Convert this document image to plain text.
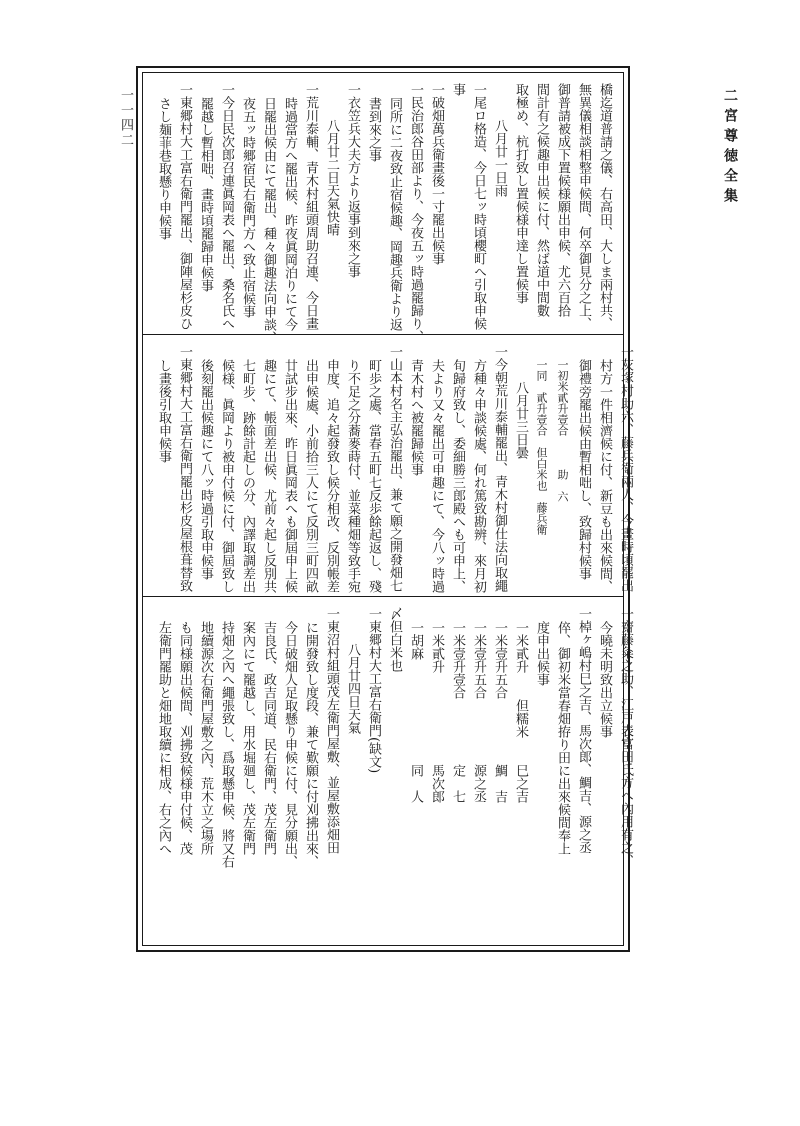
二宮尊徳全集
一一四二	橋迄道普請之儀、右高田、大しま兩村共、
無異儀相談相整申候間、何卒御見分之上、
御普請被成下置候様願出申候、尤六百拾
間計有之候趣申出候に付、然ば道中間數
取極め、杭打致し置候様申達し置候事
八月廿一日雨
一尾ロ格造、今日七ッ時頃櫻町へ引取申候
事
一破畑萬兵衛畫後一寸罷出候事
一民治郎谷田部より、今夜五ッ時過罷歸り、
同所に二夜致止宿候趣、岡趣兵衛より返
書到來之事
一衣笠兵大夫方より返事到來之事
八月廿二日天氣快晴
一荒川泰輔、青木村組頭周助召連、今日畫
時過當方へ罷出候、昨夜眞岡泊りにて今
日罷出候由にて罷出、種々御趣法向申談、
夜五ッ時郷宿民右衛門方へ致止宿候事
一今日民次郎召連眞岡表へ罷出、桑名氏へ
罷越し暫相咄、畫時頃罷歸申候事
一東郷村大工富右衛門罷出、御陣屋杉皮ひ
さし麺菲巷取懸り申候事
一灰塚村助六、藤兵衛兩人、今畫時頃罷出
村方一件相濟候に付、新豆も出來候間、
御禮旁罷出候由暫相咄し、致歸村候事
一初米貳升壹合　　　助　六
一同　貳升壹合　但白米也　藤兵衛
八月廿三日曇
一今朝荒川泰輔罷出、青木村御仕法向取繩
方種々申談候處、何れ篤致勘辨、來月初
旬歸府致し、委細勝三郎殿へも可申上、
夫より又々罷出可申趣にて、今八ッ時過
青木村へ被罷歸候事
一山本村名主弘治罷出、兼て願之開發畑七
町歩之處、當春五町七反歩餘起返し、殘
り不足之分蕎麥蒔付、並菜種畑等致手宛
申度、追々起發致し候分相改、反別帳差
出申候處、小前拾三人にて反別三町四畝
廿試步出來、昨日眞岡表へも御屆申上候
趣にて、帳面差出候、尤前々起し反別共
七町步、跡餘計起しの分、內譯取調差出
候様、眞岡より被申付候に付、御屆致し
後刻罷出候趣にて八ッ時過引取申候事
一東郷村大工富右衛門罷出杉皮屋根葺替致
し畫後引取申候事
一齋藤粂之助、江戸表富田氏方へ內用有之、
今曉未明致出立候事
一棹ヶ嶋村巳之吉、馬次郎、鯛吉、源之丞
倅、御初米當春畑拵り田に出來候間奉上
度申出候事
一米貳升　　但糯米　　巳之吉
一米壹升五合　　　　　鯛　吉
一米壹升五合　　　　　源之丞
一米壹升壹合　　　　　定　七
一米貳升　　　　　　　馬次郎
一胡麻　　　　　　　　同　人
〆但白米也
一東郷村大工富右衛門(缺文)
八月廿四日天氣
一東沼村組頭茂左衛門屋敷、並屋敷添畑田
に開發致し度段、兼て歎願に付刈拂出來、
今日破畑人足取懸り申候に付、見分願出、
吉良氏、政吉同道、民右衛門、茂左衛門
案內にて罷越し、用水堀廻し、茂左衛門
持畑之內へ繩張致し、爲取懸申候、將又右
地續源次右衛門屋敷之內、荒木立之場所
も同様願出候間、刈拂致候様申付候、茂
左衛門罷助と畑地取續に相成、右之內へ
